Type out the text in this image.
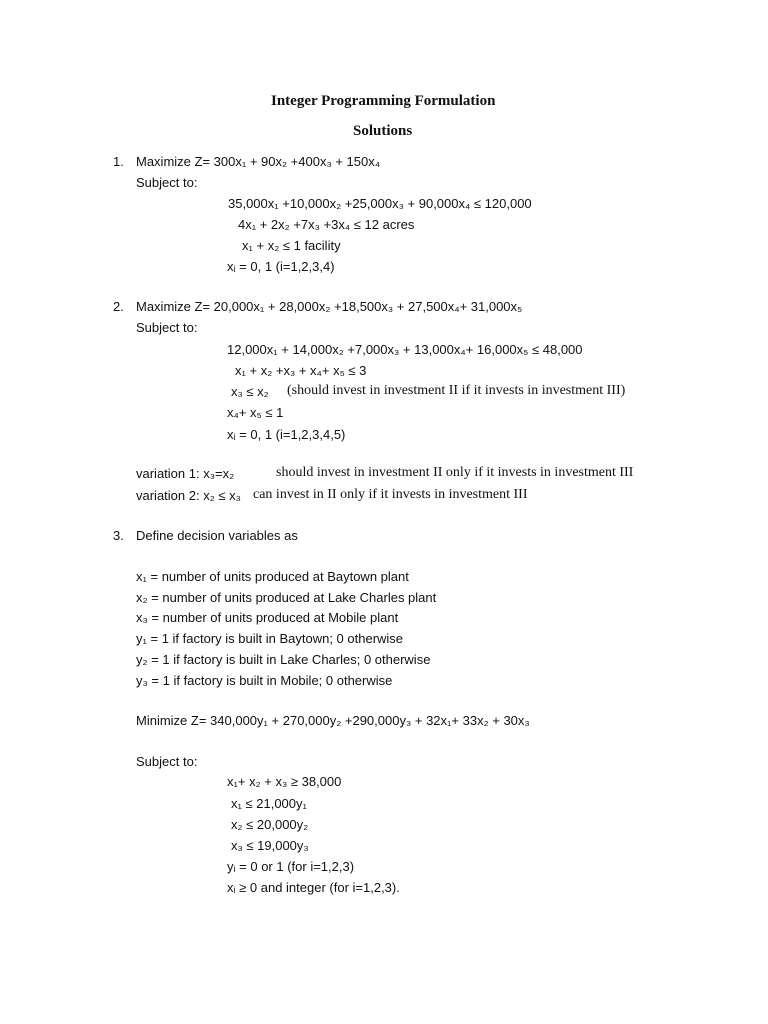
Integer Programming Formulation
Solutions
1. Maximize Z= 300x₁ + 90x₂ +400x₃ + 150x₄
Subject to:
35,000x₁ +10,000x₂ +25,000x₃ + 90,000x₄ ≤ 120,000
4x₁ + 2x₂ +7x₃ +3x₄ ≤ 12 acres
x₁ + x₂ ≤ 1 facility
xᵢ = 0, 1 (i=1,2,3,4)
2. Maximize Z= 20,000x₁ + 28,000x₂ +18,500x₃ + 27,500x₄+ 31,000x₅
Subject to:
12,000x₁ + 14,000x₂ +7,000x₃ + 13,000x₄+ 16,000x₅ ≤ 48,000
x₁ + x₂ +x₃ + x₄+ x₅ ≤ 3
x₃ ≤ x₂ (should invest in investment II if it invests in investment III)
x₄+ x₅ ≤ 1
xᵢ = 0, 1 (i=1,2,3,4,5)
variation 1: x₃=x₂	should invest in investment II only if it invests in investment III
variation 2: x₂ ≤ x₃ can invest in II only if it invests in investment III
3. Define decision variables as
x₁ = number of units produced at Baytown plant
x₂ = number of units produced at Lake Charles plant
x₃ = number of units produced at Mobile plant
y₁ = 1 if factory is built in Baytown; 0 otherwise
y₂ = 1 if factory is built in Lake Charles; 0 otherwise
y₃ = 1 if factory is built in Mobile; 0 otherwise
Minimize Z= 340,000y₁ + 270,000y₂ +290,000y₃ + 32x₁+ 33x₂ + 30x₃
Subject to:
x₁+ x₂ + x₃ ≥ 38,000
x₁ ≤ 21,000y₁
x₂ ≤ 20,000y₂
x₃ ≤ 19,000y₃
yᵢ = 0 or 1 (for i=1,2,3)
xᵢ ≥ 0 and integer (for i=1,2,3).
